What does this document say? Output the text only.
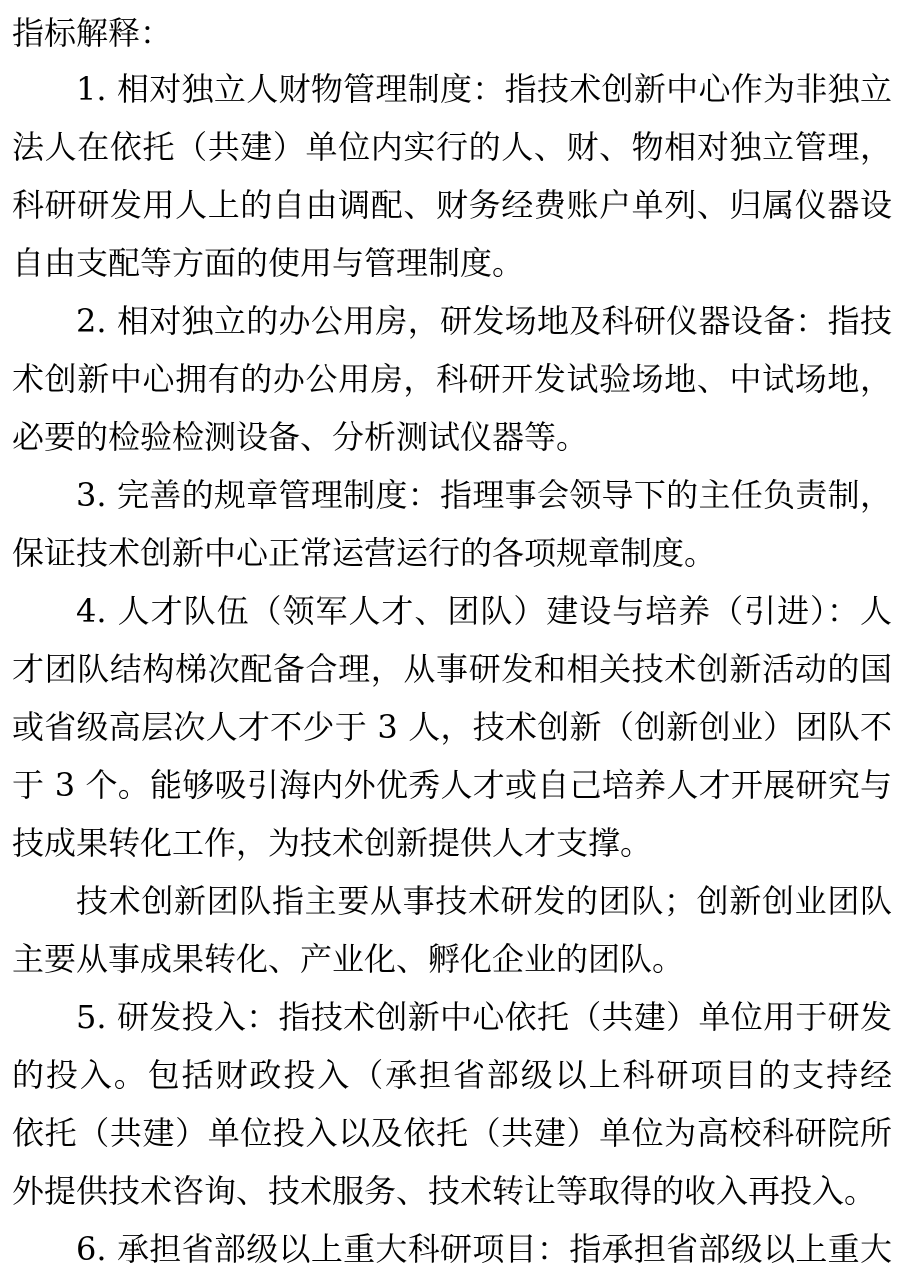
指标解释：
1. 相对独立人财物管理制度：指技术创新中心作为非独立
法人在依托（共建）单位内实行的人、财、物相对独立管理，
科研研发用人上的自由调配、财务经费账户单列、归属仪器设
自由支配等方面的使用与管理制度。
2. 相对独立的办公用房，研发场地及科研仪器设备：指技
术创新中心拥有的办公用房，科研开发试验场地、中试场地，
必要的检验检测设备、分析测试仪器等。
3. 完善的规章管理制度：指理事会领导下的主任负责制，
保证技术创新中心正常运营运行的各项规章制度。
4. 人才队伍（领军人才、团队）建设与培养（引进）：人
才团队结构梯次配备合理，从事研发和相关技术创新活动的国
或省级高层次人才不少于 3 人，技术创新（创新创业）团队不
于 3 个。能够吸引海内外优秀人才或自己培养人才开展研究与
技成果转化工作，为技术创新提供人才支撑。
技术创新团队指主要从事技术研发的团队；创新创业团队
主要从事成果转化、产业化、孵化企业的团队。
5. 研发投入：指技术创新中心依托（共建）单位用于研发
的投入。包括财政投入（承担省部级以上科研项目的支持经
依托（共建）单位投入以及依托（共建）单位为高校科研院所
外提供技术咨询、技术服务、技术转让等取得的收入再投入。
6. 承担省部级以上重大科研项目：指承担省部级以上重大
